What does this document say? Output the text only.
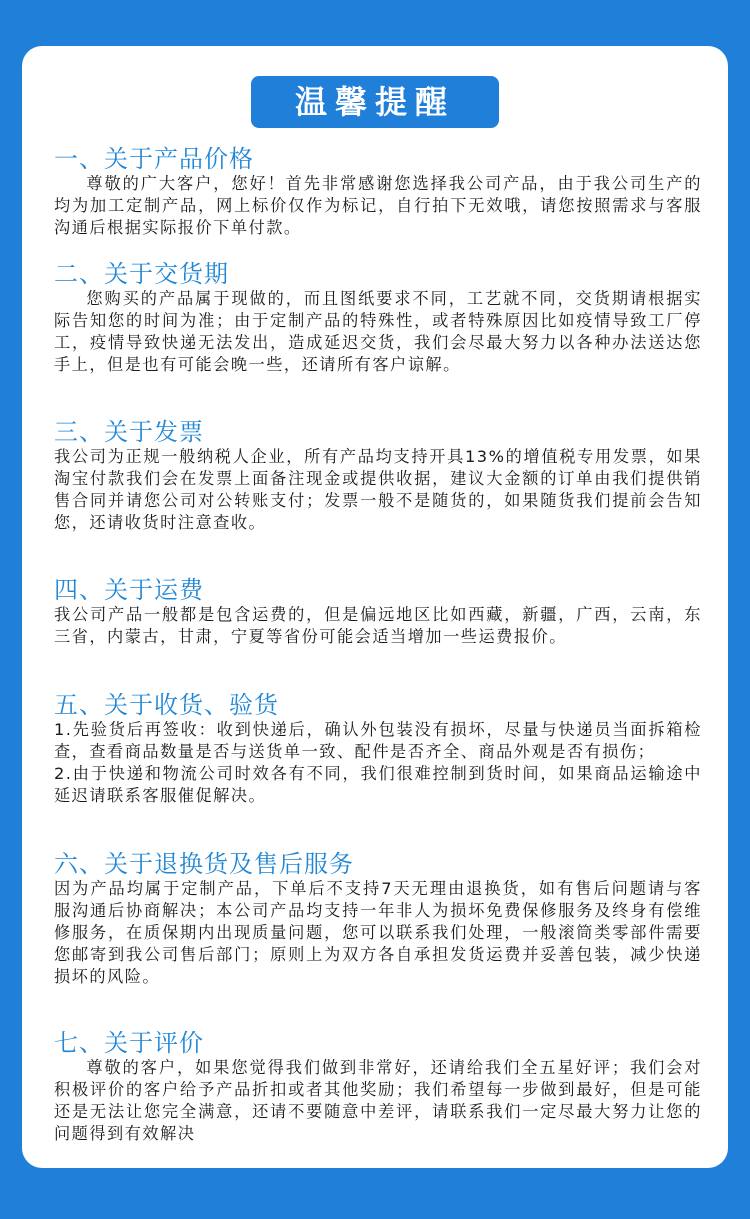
温馨提醒
一、关于产品价格
尊敬的广大客户，您好！首先非常感谢您选择我公司产品，由于我公司生产的均为加工定制产品，网上标价仅作为标记，自行拍下无效哦，请您按照需求与客服沟通后根据实际报价下单付款。
二、关于交货期
您购买的产品属于现做的，而且图纸要求不同，工艺就不同，交货期请根据实际告知您的时间为准；由于定制产品的特殊性，或者特殊原因比如疫情导致工厂停工，疫情导致快递无法发出，造成延迟交货，我们会尽最大努力以各种办法送达您手上，但是也有可能会晚一些，还请所有客户谅解。
三、关于发票
我公司为正规一般纳税人企业，所有产品均支持开具13%的增值税专用发票，如果淘宝付款我们会在发票上面备注现金或提供收据，建议大金额的订单由我们提供销售合同并请您公司对公转账支付；发票一般不是随货的，如果随货我们提前会告知您，还请收货时注意查收。
四、关于运费
我公司产品一般都是包含运费的，但是偏远地区比如西藏，新疆，广西，云南，东三省，内蒙古，甘肃，宁夏等省份可能会适当增加一些运费报价。
五、关于收货、验货
1.先验货后再签收：收到快递后，确认外包装没有损坏，尽量与快递员当面拆箱检查，查看商品数量是否与送货单一致、配件是否齐全、商品外观是否有损伤；
2.由于快递和物流公司时效各有不同，我们很难控制到货时间，如果商品运输途中延迟请联系客服催促解决。
六、关于退换货及售后服务
因为产品均属于定制产品，下单后不支持7天无理由退换货，如有售后问题请与客服沟通后协商解决；本公司产品均支持一年非人为损坏免费保修服务及终身有偿维修服务，在质保期内出现质量问题，您可以联系我们处理，一般滚筒类零部件需要您邮寄到我公司售后部门；原则上为双方各自承担发货运费并妥善包装，减少快递损坏的风险。
七、关于评价
尊敬的客户，如果您觉得我们做到非常好，还请给我们全五星好评；我们会对积极评价的客户给予产品折扣或者其他奖励；我们希望每一步做到最好，但是可能还是无法让您完全满意，还请不要随意中差评，请联系我们一定尽最大努力让您的问题得到有效解决
